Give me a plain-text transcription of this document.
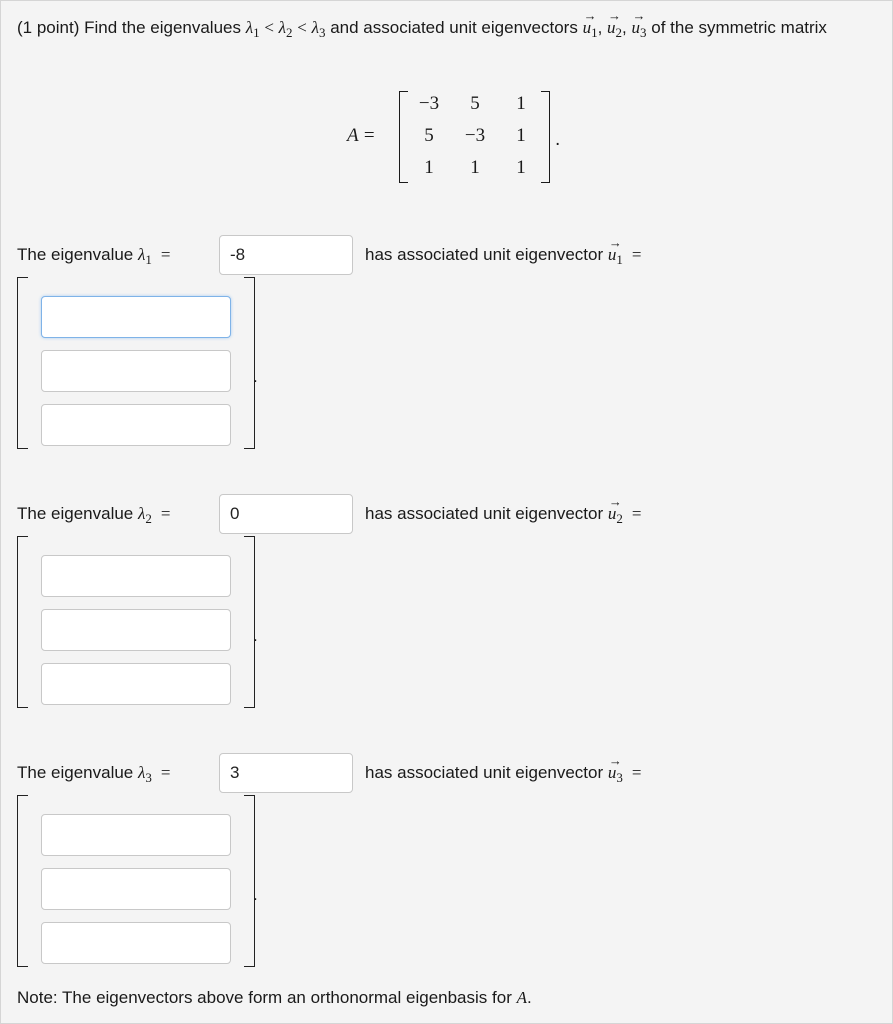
(1 point) Find the eigenvalues $\lambda_1 < \lambda_2 < \lambda_3$ and associated unit eigenvectors → $u_1$, → $u_2$, → $u_3$ of the symmetric matrix
A =
−3	5	1
5	−3	1
1	1	1
.
The eigenvalue $\lambda_1$  =
-8	has associated unit eigenvector → $u_1$  =
.
The eigenvalue $\lambda_2$  =
0	has associated unit eigenvector → $u_2$  =
.
The eigenvalue $\lambda_3$  =
3	has associated unit eigenvector → $u_3$  =
.
Note: The eigenvectors above form an orthonormal eigenbasis for A.
